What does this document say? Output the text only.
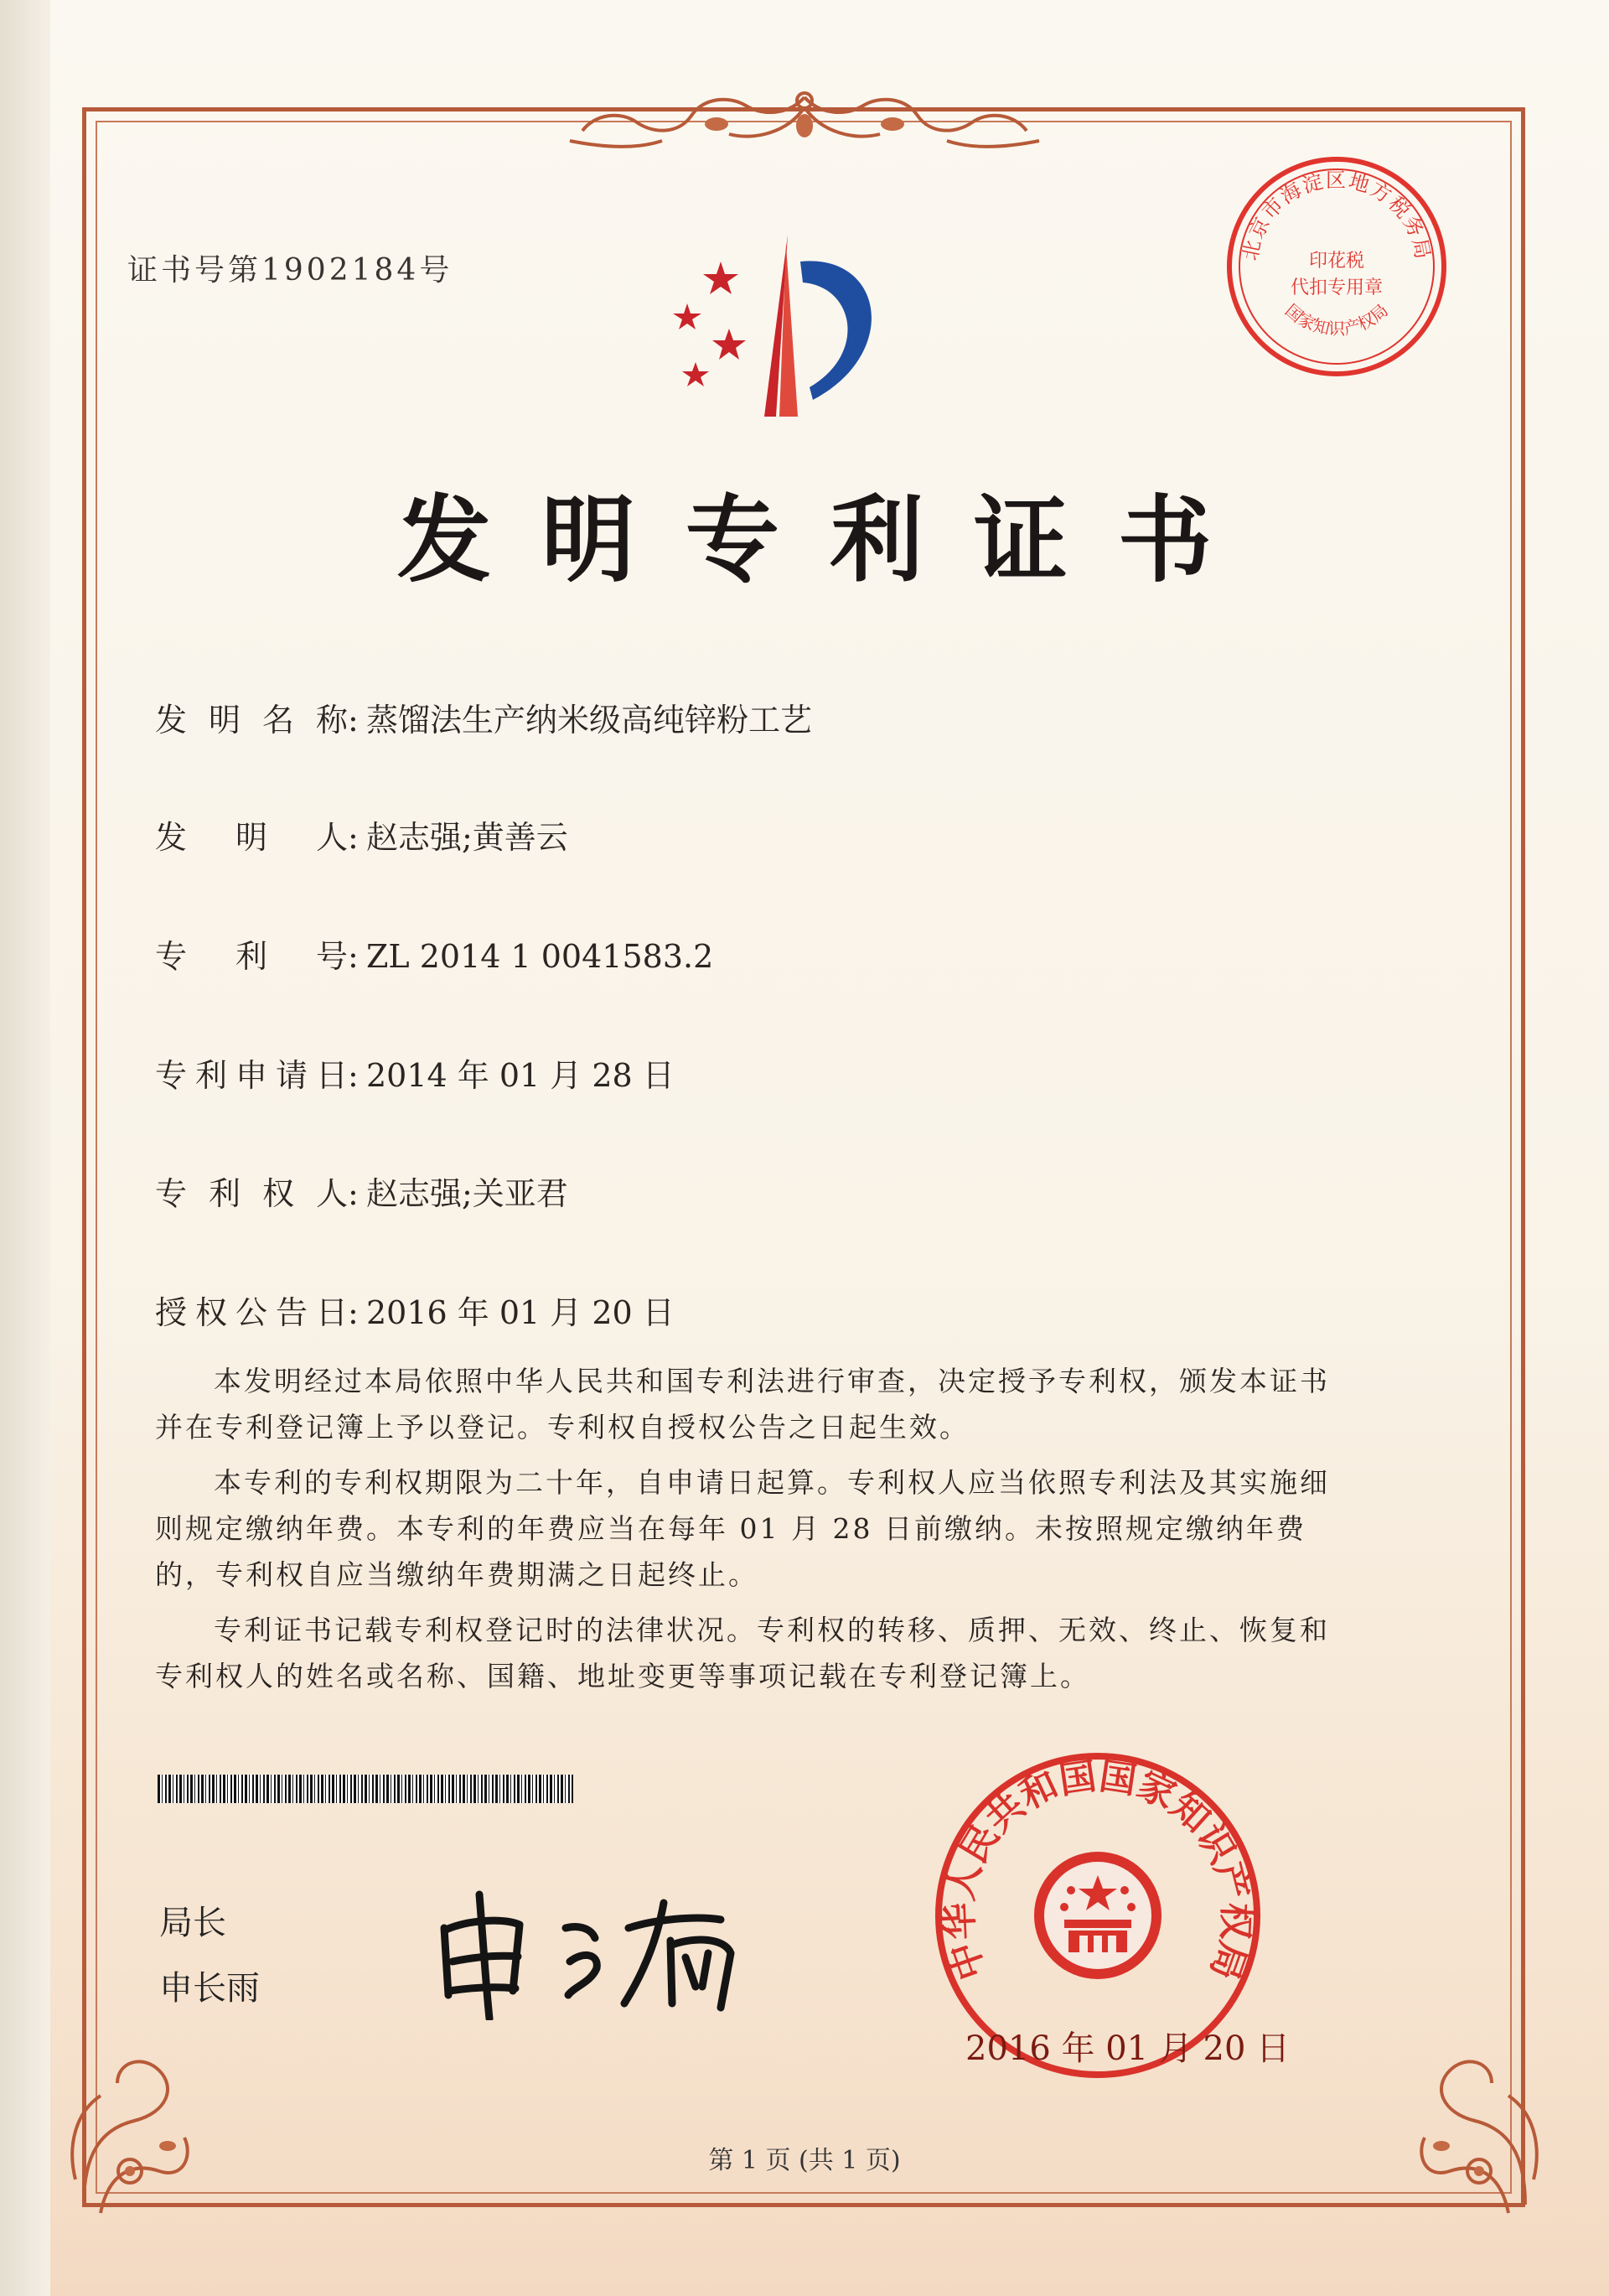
证书号第1902184号
北京市海淀区地方税务局
国家知识产权局
印花税
代扣专用章
发明专利证书
发明名称: 蒸馏法生产纳米级高纯锌粉工艺
发明人: 赵志强;黄善云
专利号: ZL 2014 1 0041583.2
专利申请日: 2014 年 01 月 28 日
专利权人: 赵志强;关亚君
授权公告日: 2016 年 01 月 20 日

本发明经过本局依照中华人民共和国专利法进行审查，决定授予专利权，颁发本证书并在专利登记簿上予以登记。专利权自授权公告之日起生效。

本专利的专利权期限为二十年，自申请日起算。专利权人应当依照专利法及其实施细则规定缴纳年费。本专利的年费应当在每年 01 月 28 日前缴纳。未按照规定缴纳年费的，专利权自应当缴纳年费期满之日起终止。

专利证书记载专利权登记时的法律状况。专利权的转移、质押、无效、终止、恢复和专利权人的姓名或名称、国籍、地址变更等事项记载在专利登记簿上。

局长
申长雨
中华人民共和国国家知识产权局
2016 年 01 月 20 日
第 1 页 (共 1 页)
